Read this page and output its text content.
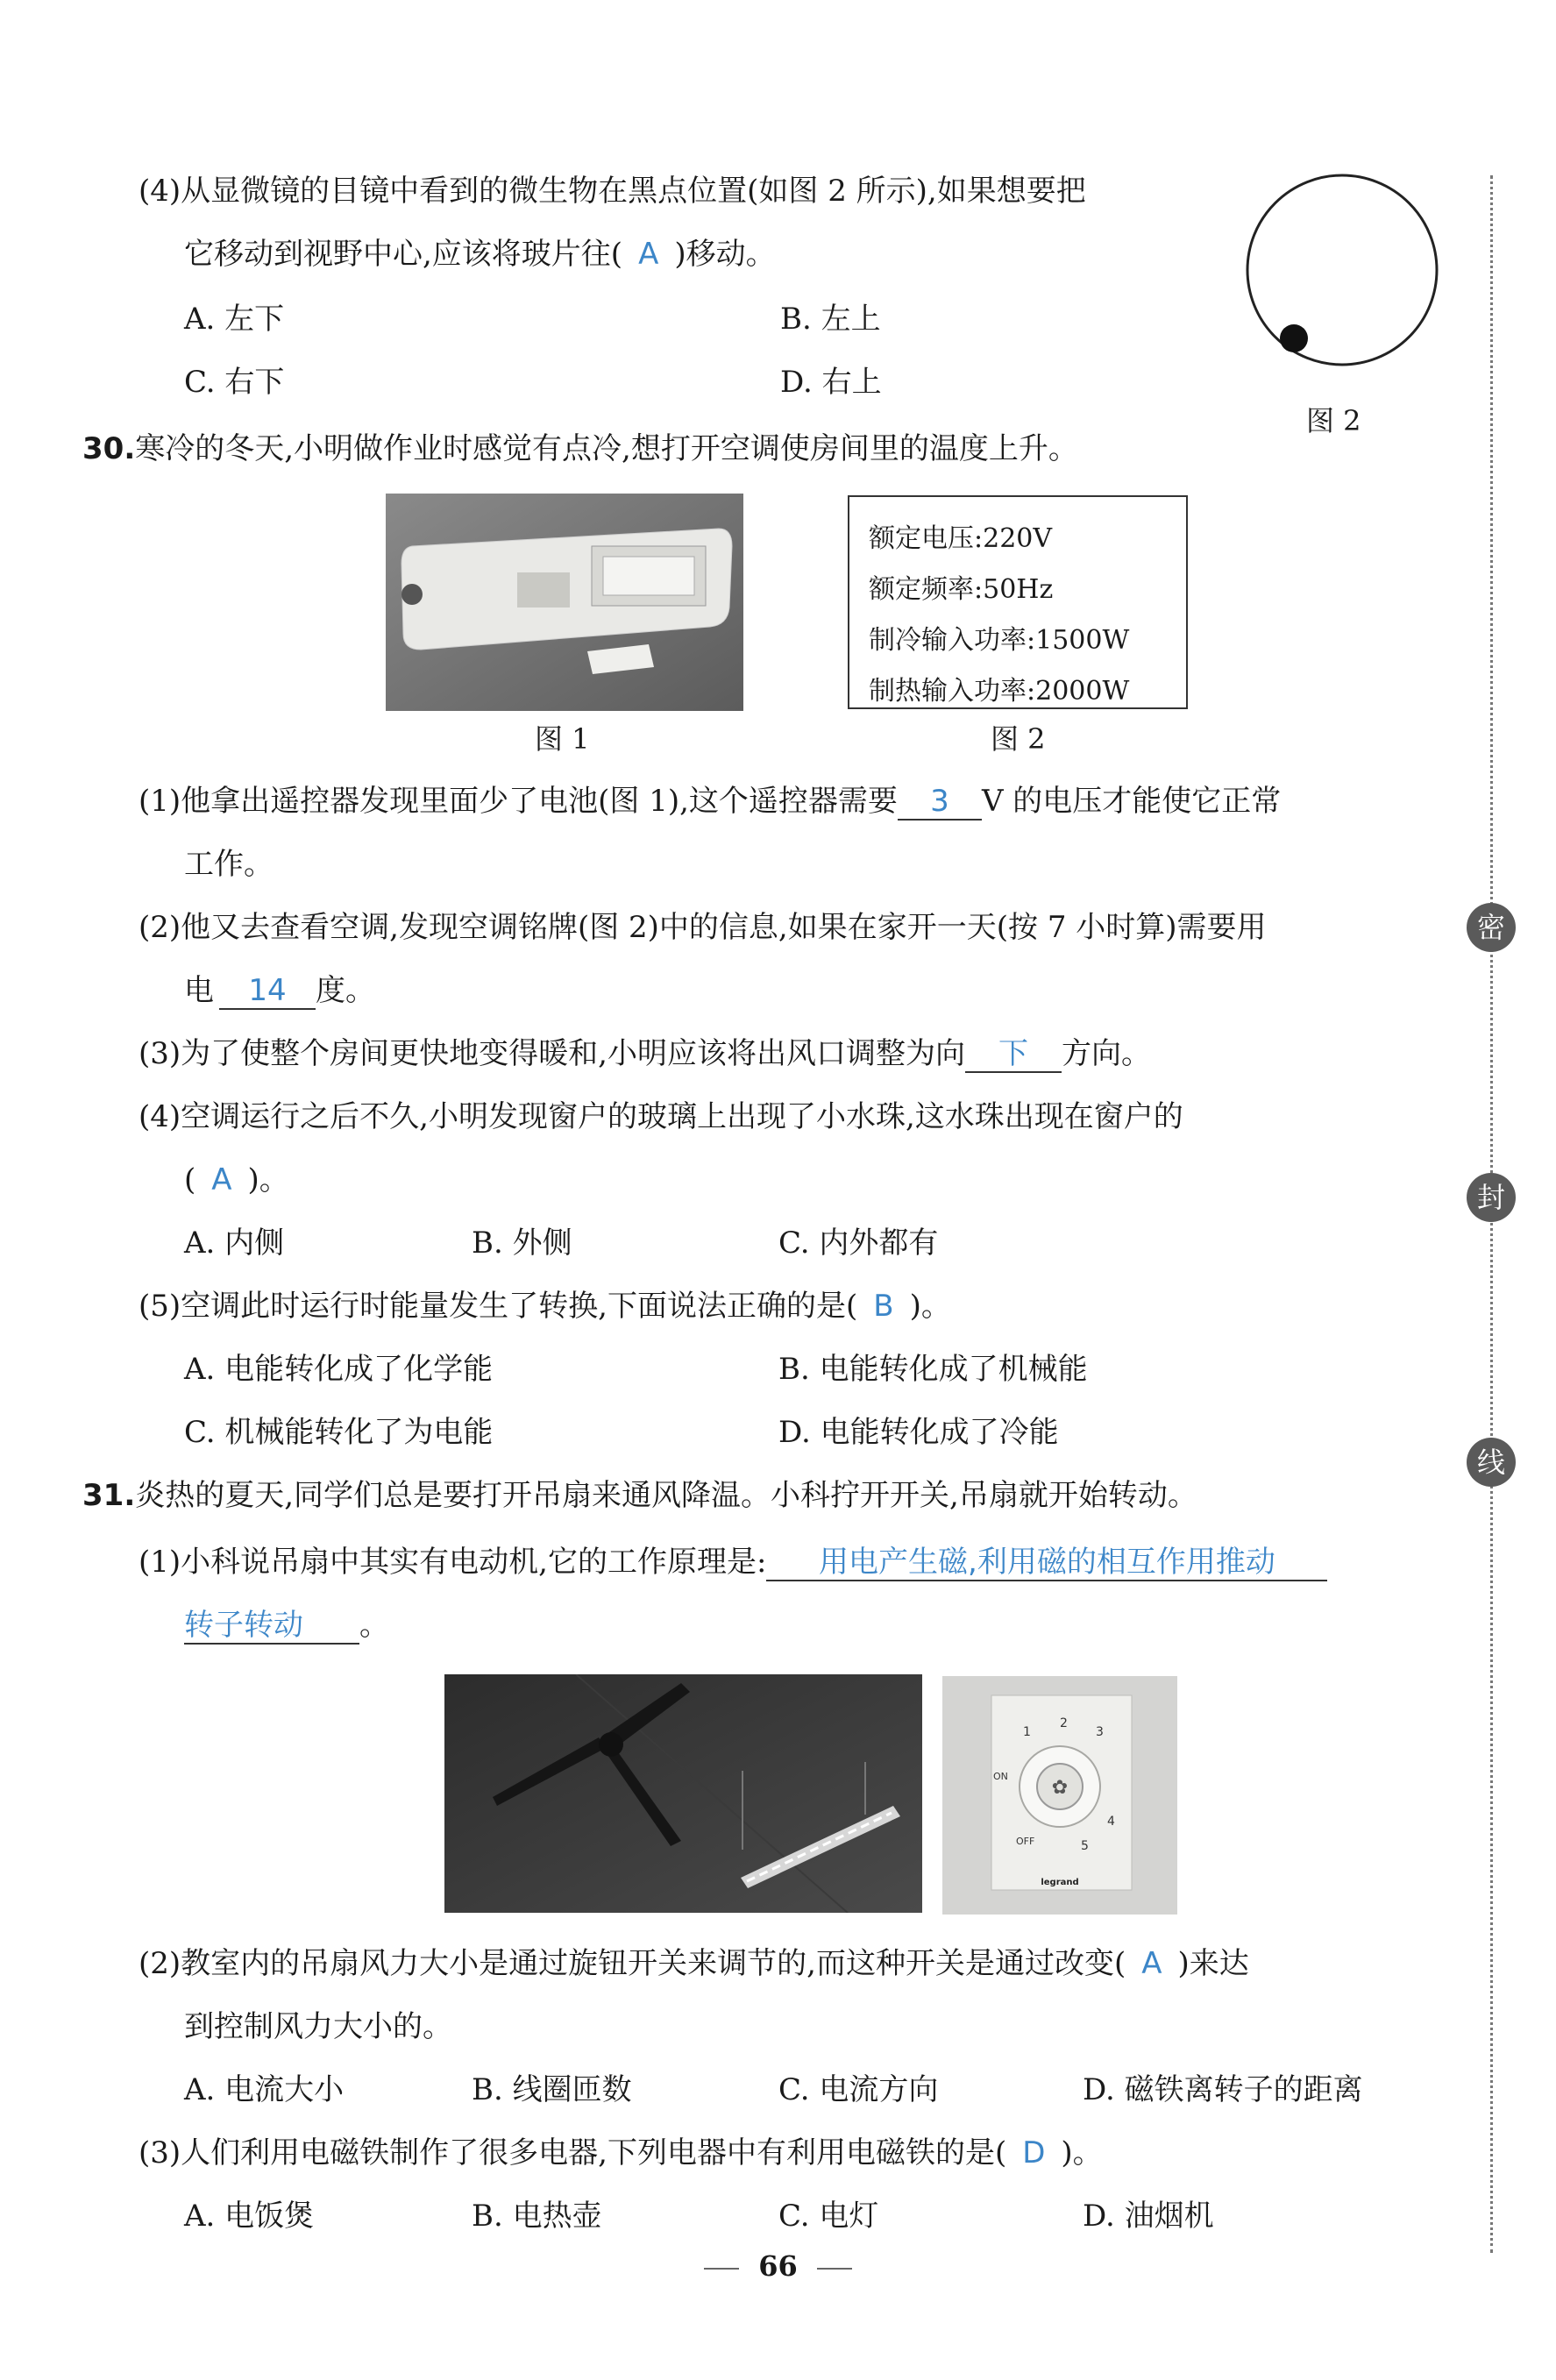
(4)从显微镜的目镜中看到的微生物在黑点位置(如图 2 所示),如果想要把
它移动到视野中心,应该将玻片往( A )移动。
A. 左下	B. 左上
C. 右下	D. 右上
图 2
30.寒冷的冬天,小明做作业时感觉有点冷,想打开空调使房间里的温度上升。
图 1
额定电压:220V
额定频率:50Hz
制冷输入功率:1500W
制热输入功率:2000W
图 2
(1)他拿出遥控器发现里面少了电池(图 1),这个遥控器需要 3 V 的电压才能使它正常
工作。
(2)他又去查看空调,发现空调铭牌(图 2)中的信息,如果在家开一天(按 7 小时算)需要用
电 14 度。
(3)为了使整个房间更快地变得暖和,小明应该将出风口调整为向 下 方向。
(4)空调运行之后不久,小明发现窗户的玻璃上出现了小水珠,这水珠出现在窗户的
( A )。
A. 内侧	B. 外侧	C. 内外都有
(5)空调此时运行时能量发生了转换,下面说法正确的是( B )。
A. 电能转化成了化学能	B. 电能转化成了机械能
C. 机械能转化了为电能	D. 电能转化成了冷能
31.炎热的夏天,同学们总是要打开吊扇来通风降温。小科拧开开关,吊扇就开始转动。
(1)小科说吊扇中其实有电动机,它的工作原理是: 用电产生磁,利用磁的相互作用推动
转子转动 。
✿
1
2
3
ON
OFF
4
5
legrand
(2)教室内的吊扇风力大小是通过旋钮开关来调节的,而这种开关是通过改变( A )来达
到控制风力大小的。
A. 电流大小	B. 线圈匝数	C. 电流方向	D. 磁铁离转子的距离
(3)人们利用电磁铁制作了很多电器,下列电器中有利用电磁铁的是( D )。
A. 电饭煲	B. 电热壶	C. 电灯	D. 油烟机
密
封
线
66
